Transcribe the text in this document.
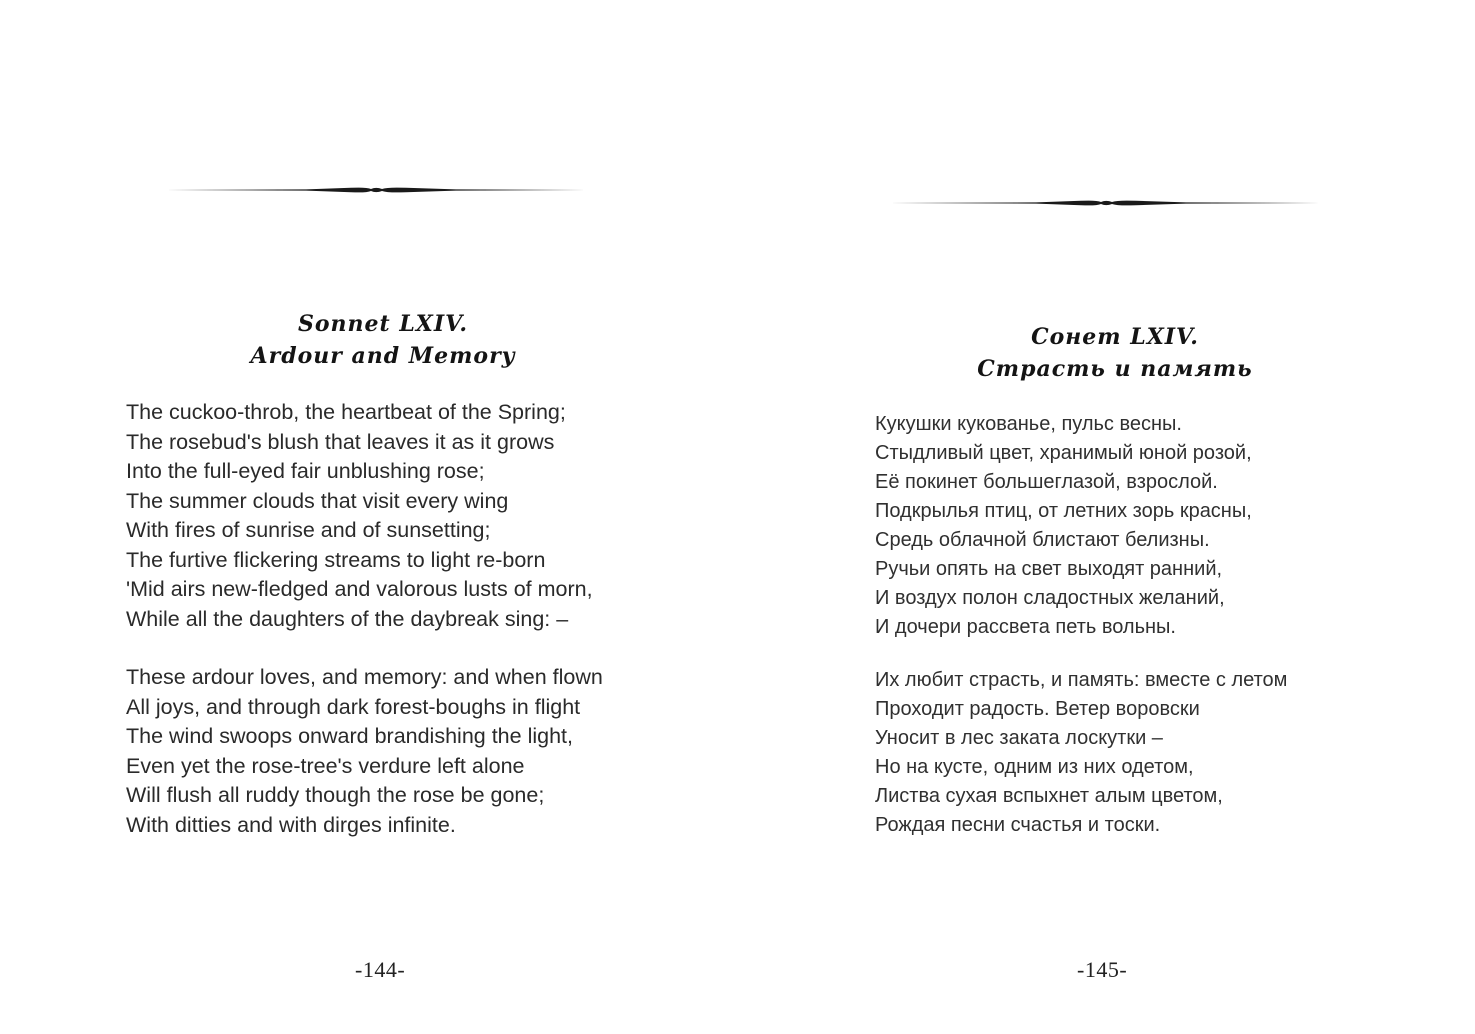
Sonnet LXIV.
Ardour and Memory
The cuckoo-throb, the heartbeat of the Spring;
The rosebud's blush that leaves it as it grows
Into the full-eyed fair unblushing rose;
The summer clouds that visit every wing
With fires of sunrise and of sunsetting;
The furtive flickering streams to light re-born
'Mid airs new-fledged and valorous lusts of morn,
While all the daughters of the daybreak sing: –
These ardour loves, and memory: and when flown
All joys, and through dark forest-boughs in flight
The wind swoops onward brandishing the light,
Even yet the rose-tree's verdure left alone
Will flush all ruddy though the rose be gone;
With ditties and with dirges infinite.
-144-
Сонет LXIV.
Страсть и память
Кукушки кукованье, пульс весны.
Стыдливый цвет, хранимый юной розой,
Её покинет большеглазой, взрослой.
Подкрылья птиц, от летних зорь красны,
Средь облачной блистают белизны.
Ручьи опять на свет выходят ранний,
И воздух полон сладостных желаний,
И дочери рассвета петь вольны.
Их любит страсть, и память: вместе с летом
Проходит радость. Ветер воровски
Уносит в лес заката лоскутки –
Но на кусте, одним из них одетом,
Листва сухая вспыхнет алым цветом,
Рождая песни счастья и тоски.
-145-
